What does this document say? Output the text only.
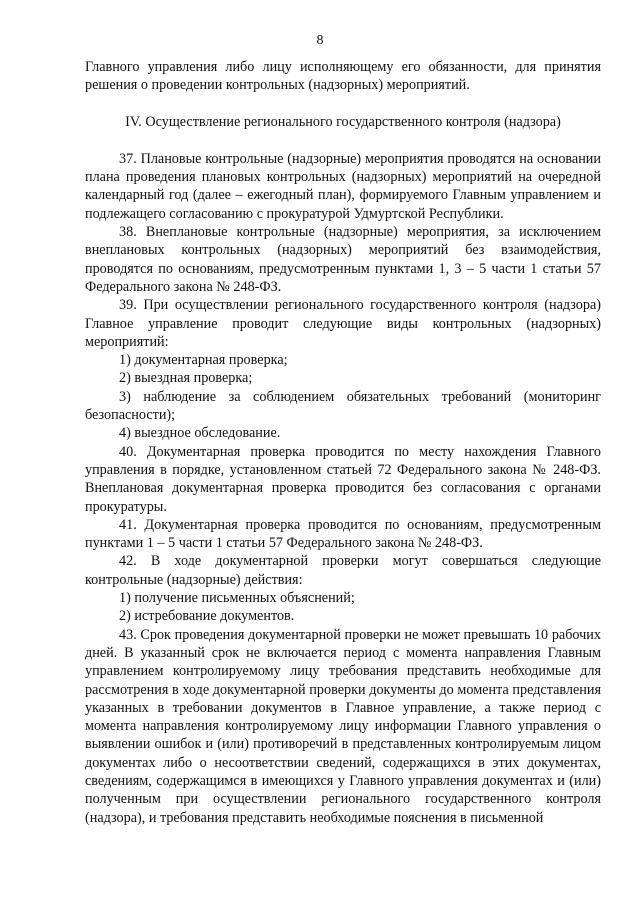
8

Главного управления либо лицу исполняющему его обязанности, для принятия решения о проведении контрольных (надзорных) мероприятий.

IV. Осуществление регионального государственного контроля (надзора)

37. Плановые контрольные (надзорные) мероприятия проводятся на основании плана проведения плановых контрольных (надзорных) мероприятий на очередной календарный год (далее – ежегодный план), формируемого Главным управлением и подлежащего согласованию с прокуратурой Удмуртской Республики.

38. Внеплановые контрольные (надзорные) мероприятия, за исключением внеплановых контрольных (надзорных) мероприятий без взаимодействия, проводятся по основаниям, предусмотренным пунктами 1, 3 – 5 части 1 статьи 57 Федерального закона № 248-ФЗ.

39. При осуществлении регионального государственного контроля (надзора) Главное управление проводит следующие виды контрольных (надзорных) мероприятий:

1) документарная проверка;

2) выездная проверка;

3) наблюдение за соблюдением обязательных требований (мониторинг безопасности);

4) выездное обследование.

40. Документарная проверка проводится по месту нахождения Главного управления в порядке, установленном статьей 72 Федерального закона № 248-ФЗ. Внеплановая документарная проверка проводится без согласования с органами прокуратуры.

41. Документарная проверка проводится по основаниям, предусмотренным пунктами 1 – 5 части 1 статьи 57 Федерального закона № 248-ФЗ.

42. В ходе документарной проверки могут совершаться следующие контрольные (надзорные) действия:

1) получение письменных объяснений;

2) истребование документов.

43. Срок проведения документарной проверки не может превышать 10 рабочих дней. В указанный срок не включается период с момента направления Главным управлением контролируемому лицу требования представить необходимые для рассмотрения в ходе документарной проверки документы до момента представления указанных в требовании документов в Главное управление, а также период с момента направления контролируемому лицу информации Главного управления о выявлении ошибок и (или) противоречий в представленных контролируемым лицом документах либо о несоответствии сведений, содержащихся в этих документах, сведениям, содержащимся в имеющихся у Главного управления документах и (или) полученным при осуществлении регионального государственного контроля (надзора), и требования представить необходимые пояснения в письменной
